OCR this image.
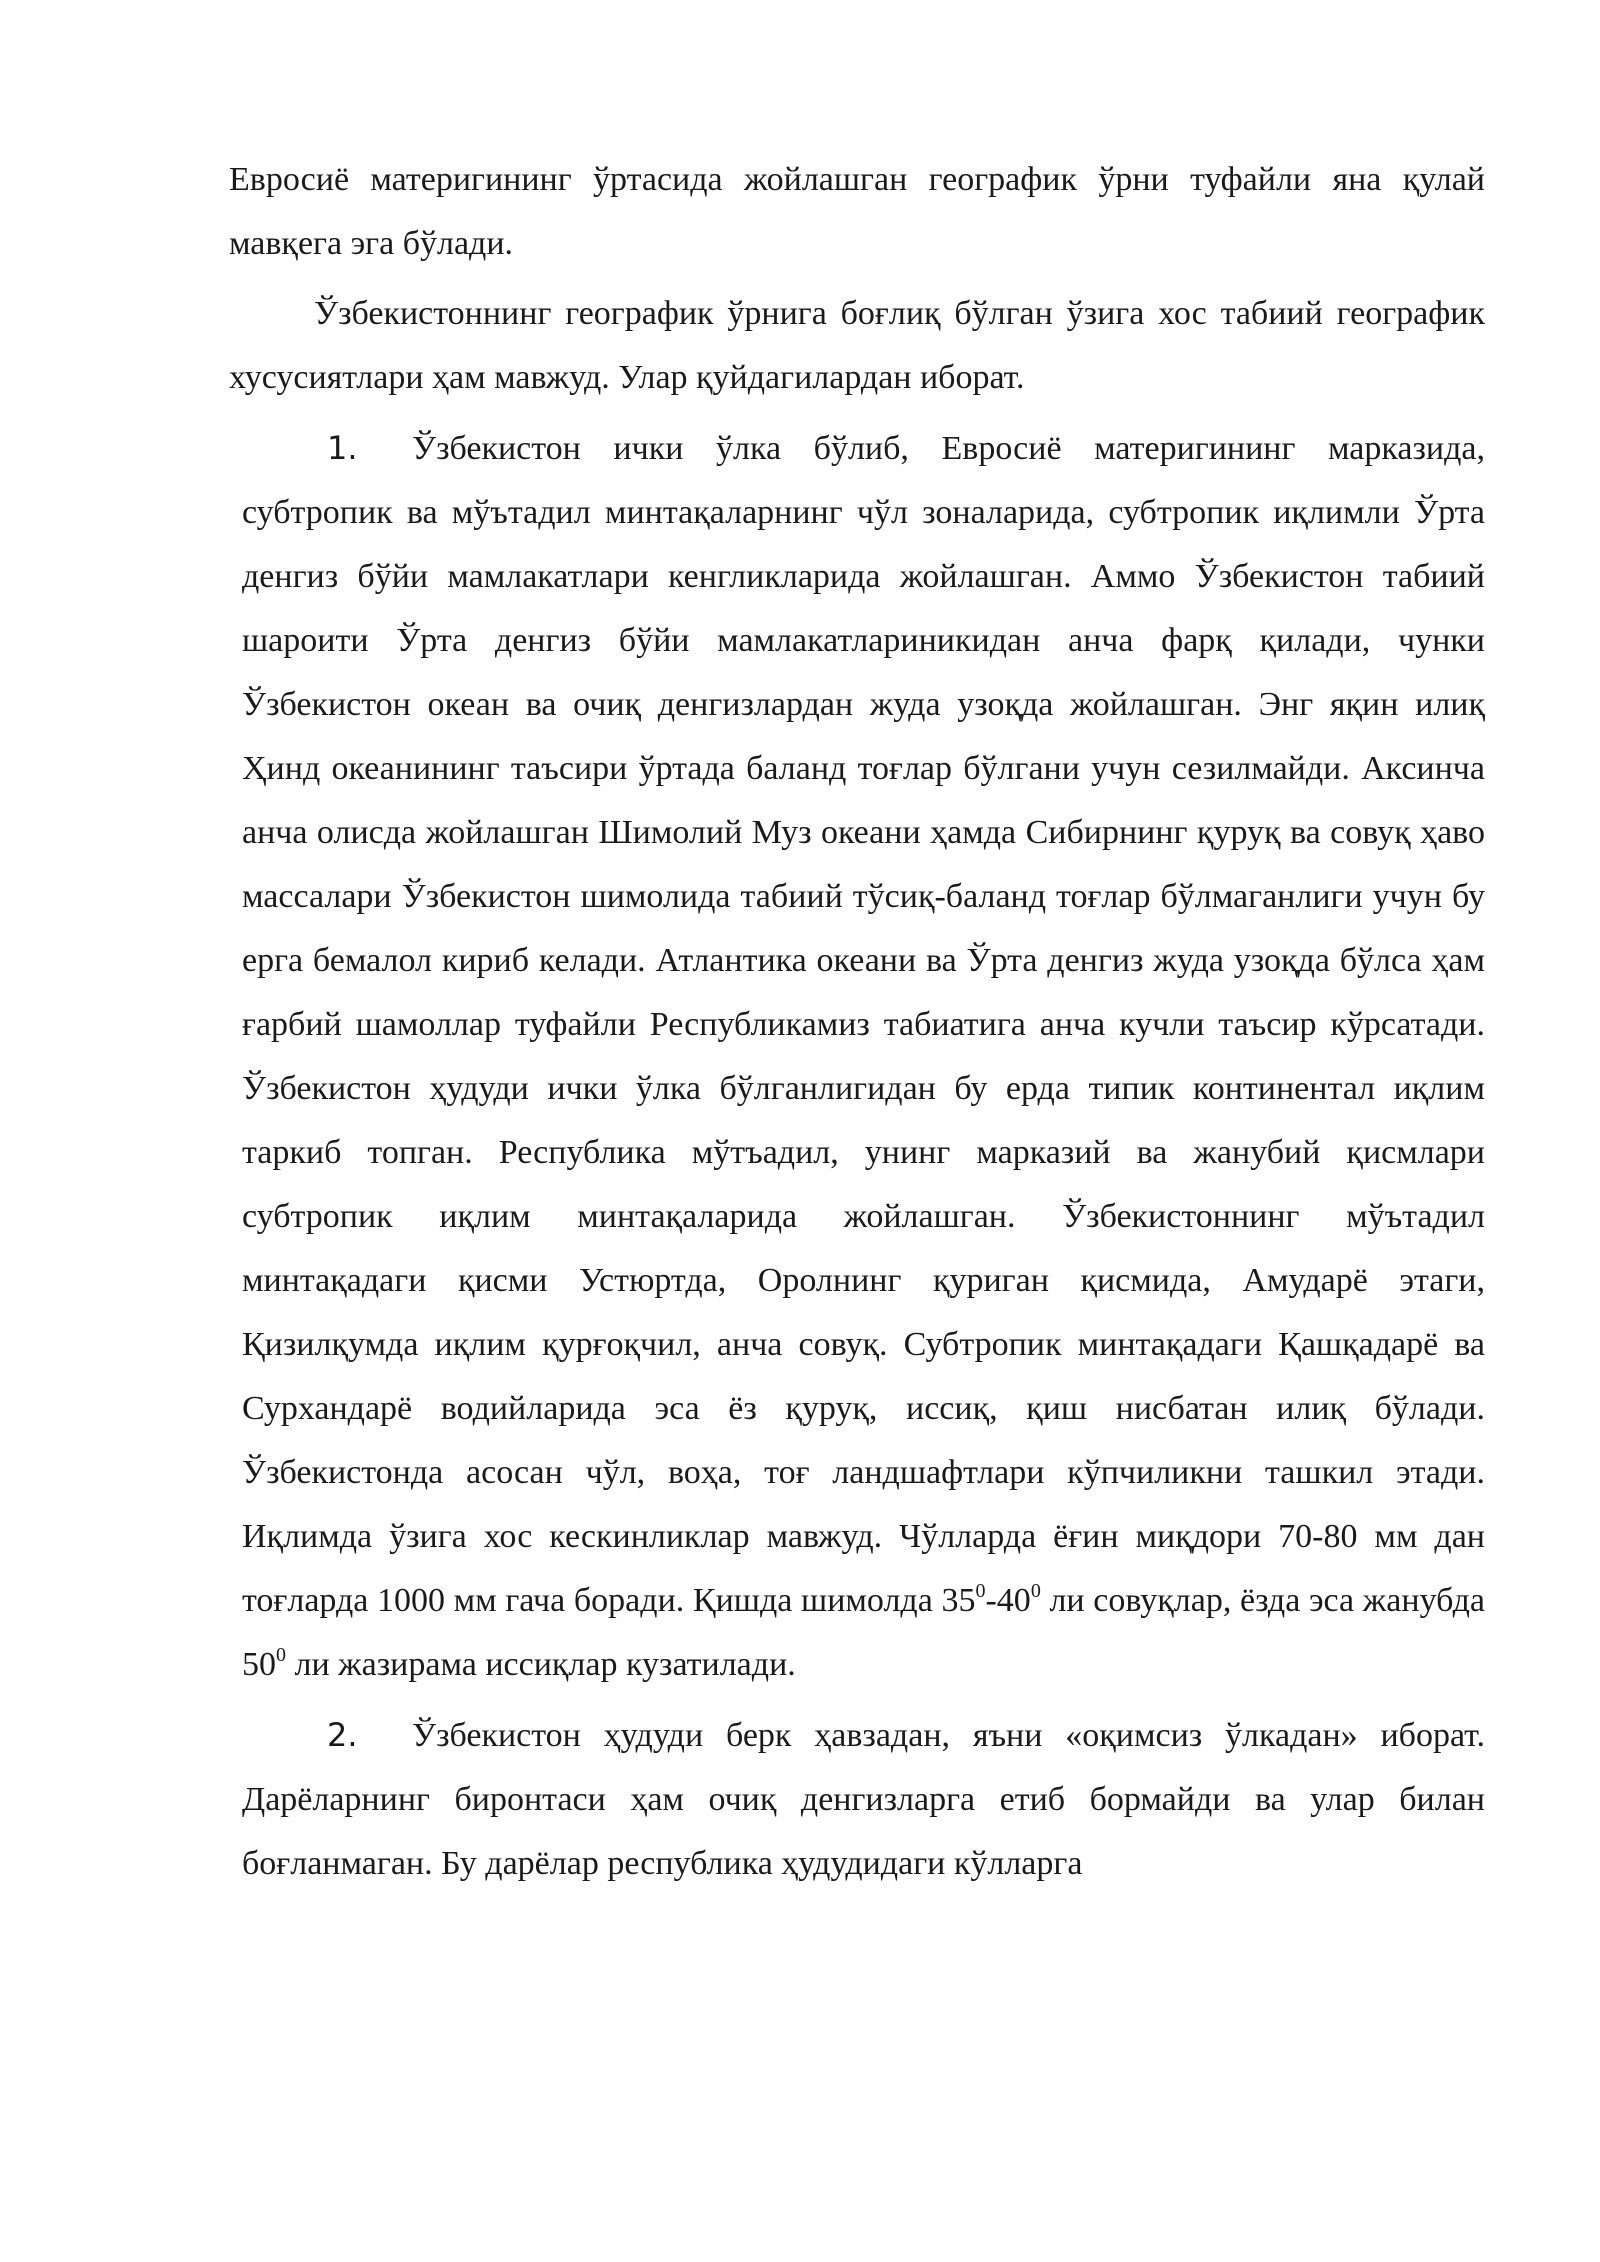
Евросиё материгининг ўртасида жойлашган географик ўрни туфайли яна қулай мавқега эга бўлади.

Ўзбекистоннинг географик ўрнига боғлиқ бўлган ўзига хос табиий географик хусусиятлари ҳам мавжуд. Улар қуйдагилардан иборат.

1. Ўзбекистон ички ўлка бўлиб, Евросиё материгининг марказида, субтропик ва мўътадил минтақаларнинг чўл зоналарида, субтропик иқлимли Ўрта денгиз бўйи мамлакатлари кенгликларида жойлашган. Аммо Ўзбекистон табиий шароити Ўрта денгиз бўйи мамлакатлариникидан анча фарқ қилади, чунки Ўзбекистон океан ва очиқ денгизлардан жуда узоқда жойлашган. Энг яқин илиқ Ҳинд океанининг таъсири ўртада баланд тоғлар бўлгани учун сезилмайди. Аксинча анча олисда жойлашган Шимолий Муз океани ҳамда Сибирнинг қуруқ ва совуқ ҳаво массалари Ўзбекистон шимолида табиий тўсиқ-баланд тоғлар бўлмаганлиги учун бу ерга бемалол кириб келади. Атлантика океани ва Ўрта денгиз жуда узоқда бўлса ҳам ғарбий шамоллар туфайли Республикамиз табиатига анча кучли таъсир кўрсатади. Ўзбекистон ҳудуди ички ўлка бўлганлигидан бу ерда типик континентал иқлим таркиб топган. Республика мўтъадил, унинг марказий ва жанубий қисмлари субтропик иқлим минтақаларида жойлашган. Ўзбекистоннинг мўътадил минтақадаги қисми Устюртда, Оролнинг қуриган қисмида, Амударё этаги, Қизилқумда иқлим қурғоқчил, анча совуқ. Субтропик минтақадаги Қашқадарё ва Сурхандарё водийларида эса ёз қуруқ, иссиқ, қиш нисбатан илиқ бўлади. Ўзбекистонда асосан чўл, воҳа, тоғ ландшафтлари кўпчиликни ташкил этади. Иқлимда ўзига хос кескинликлар мавжуд. Чўлларда ёғин миқдори 70-80 мм дан тоғларда 1000 мм гача боради. Қишда шимолда $35^0-40^0$ ли совуқлар, ёзда эса жанубда $50^0$ ли жазирама иссиқлар кузатилади.

2. Ўзбекистон ҳудуди берк ҳавзадан, яъни «оқимсиз ўлкадан» иборат. Дарёларнинг биронтаси ҳам очиқ денгизларга етиб бормайди ва улар билан боғланмаган. Бу дарёлар республика ҳудудидаги кўлларга
